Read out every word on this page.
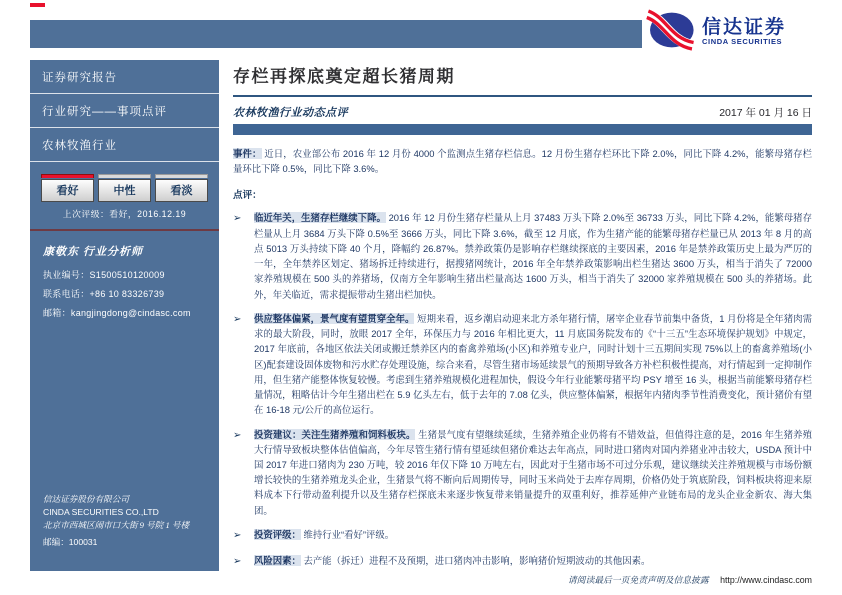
信达证券
CINDA SECURITIES
证券研究报告
行业研究——事项点评
农林牧渔行业
看好	中性	看淡
上次评级：看好，2016.12.19
康敬东 行业分析师
执业编号：S1500510120009
联系电话：+86 10 83326739
邮箱：kangjingdong@cindasc.com
信达证券股份有限公司
CINDA SECURITIES CO.,LTD
北京市西城区闹市口大街 9 号院 1 号楼
邮编：100031
存栏再探底奠定超长猪周期
农林牧渔行业动态点评	2017 年 01 月 16 日
事件： 近日，农业部公布 2016 年 12 月份 4000 个监测点生猪存栏信息。12 月份生猪存栏环比下降 2.0%，同比下降 4.2%，能繁母猪存栏量环比下降 0.5%，同比下降 3.6%。
点评：
➢	临近年关，生猪存栏继续下降。 2016 年 12 月份生猪存栏量从上月 37483 万头下降 2.0%至 36733 万头，同比下降 4.2%，能繁母猪存栏量从上月 3684 万头下降 0.5%至 3666 万头，同比下降 3.6%，截至 12 月底，作为生猪产能的能繁母猪存栏量已从 2013 年 8 月的高点 5013 万头持续下降 40 个月，降幅约 26.87%。禁养政策仍是影响存栏继续探底的主要因素，2016 年是禁养政策历史上最为严厉的一年，全年禁养区划定、猪场拆迁持续进行，据搜猪网统计，2016 年全年禁养政策影响出栏生猪达 3600 万头，相当于消失了 72000 家养殖规模在 500 头的养猪场，仅南方全年影响生猪出栏量高达 1600 万头，相当于消失了 32000 家养殖规模在 500 头的养猪场。此外，年关临近，需求提振带动生猪出栏加快。
➢	供应整体偏紧，景气度有望贯穿全年。 短期来看，返乡潮启动迎来北方杀年猪行情，屠宰企业春节前集中备货，1 月份将是全年猪肉需求的最大阶段，同时，放眼 2017 全年，环保压力与 2016 年相比更大，11 月底国务院发布的《“十三五”生态环境保护规划》中规定，2017 年底前，各地区依法关闭或搬迁禁养区内的畜禽养殖场(小区)和养殖专业户，同时计划十三五期间实现 75%以上的畜禽养殖场(小区)配套建设固体废物和污水贮存处理设施，综合来看，尽管生猪市场延续景气的预期导致各方补栏积极性提高，对行情起到一定抑制作用，但生猪产能整体恢复较慢。考虑到生猪养殖规模化进程加快，假设今年行业能繁母猪平均 PSY 增至 16 头，根据当前能繁母猪存栏量情况，粗略估计今年生猪出栏在 5.9 亿头左右，低于去年的 7.08 亿头，供应整体偏紧，根据年内猪肉季节性消费变化，预计猪价有望在 16-18 元/公斤的高位运行。
➢	投资建议：关注生猪养殖和饲料板块。 生猪景气度有望继续延续，生猪养殖企业仍将有不错效益，但值得注意的是，2016 年生猪养殖大行情导致板块整体估值偏高，今年尽管生猪行情有望延续但猪价难达去年高点，同时进口猪肉对国内养猪业冲击较大，USDA 预计中国 2017 年进口猪肉为 230 万吨，较 2016 年仅下降 10 万吨左右，因此对于生猪市场不可过分乐观，建议继续关注养殖规模与市场份额增长较快的生猪养殖龙头企业，生猪景气将不断向后周期传导，同时玉米尚处于去库存周期，价格仍处于筑底阶段，饲料板块将迎来原料成本下行带动盈利提升以及生猪存栏探底未来逐步恢复带来销量提升的双重利好，推荐延伸产业链布局的龙头企业金新农、海大集团。
➢	投资评级： 维持行业“看好”评级。
➢	风险因素： 去产能（拆迁）进程不及预期，进口猪肉冲击影响，影响猪价短期波动的其他因素。
请阅读最后一页免责声明及信息披露 http://www.cindasc.com
